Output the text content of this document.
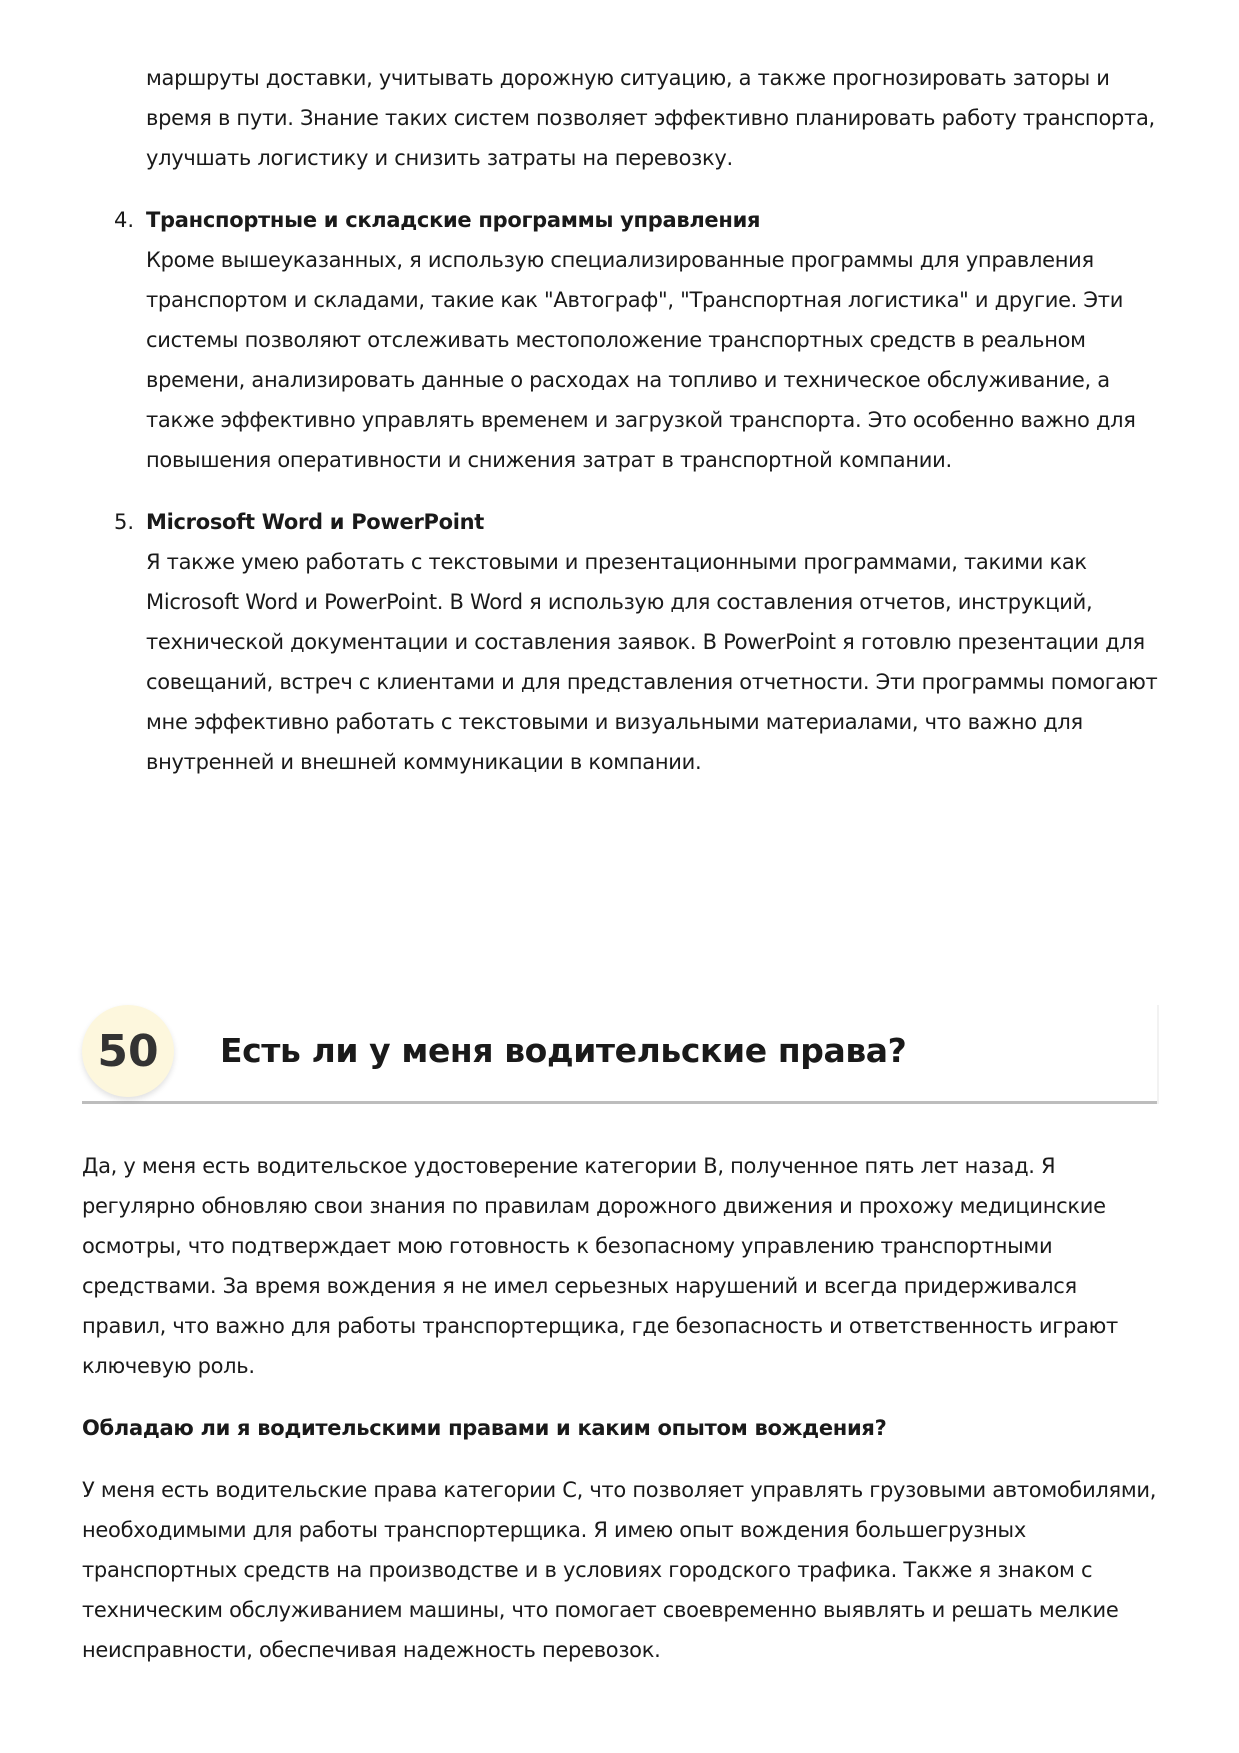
маршруты доставки, учитывать дорожную ситуацию, а также прогнозировать заторы и время в пути. Знание таких систем позволяет эффективно планировать работу транспорта, улучшать логистику и снизить затраты на перевозку.
4. Транспортные и складские программы управления
Кроме вышеуказанных, я использую специализированные программы для управления транспортом и складами, такие как "Автограф", "Транспортная логистика" и другие. Эти системы позволяют отслеживать местоположение транспортных средств в реальном времени, анализировать данные о расходах на топливо и техническое обслуживание, а также эффективно управлять временем и загрузкой транспорта. Это особенно важно для повышения оперативности и снижения затрат в транспортной компании.
5. Microsoft Word и PowerPoint
Я также умею работать с текстовыми и презентационными программами, такими как Microsoft Word и PowerPoint. В Word я использую для составления отчетов, инструкций, технической документации и составления заявок. В PowerPoint я готовлю презентации для совещаний, встреч с клиентами и для представления отчетности. Эти программы помогают мне эффективно работать с текстовыми и визуальными материалами, что важно для внутренней и внешней коммуникации в компании.
50	Есть ли у меня водительские права?

Да, у меня есть водительское удостоверение категории B, полученное пять лет назад. Я регулярно обновляю свои знания по правилам дорожного движения и прохожу медицинские осмотры, что подтверждает мою готовность к безопасному управлению транспортными средствами. За время вождения я не имел серьезных нарушений и всегда придерживался правил, что важно для работы транспортерщика, где безопасность и ответственность играют ключевую роль.

Обладаю ли я водительскими правами и каким опытом вождения?

У меня есть водительские права категории C, что позволяет управлять грузовыми автомобилями, необходимыми для работы транспортерщика. Я имею опыт вождения большегрузных транспортных средств на производстве и в условиях городского трафика. Также я знаком с техническим обслуживанием машины, что помогает своевременно выявлять и решать мелкие неисправности, обеспечивая надежность перевозок.
